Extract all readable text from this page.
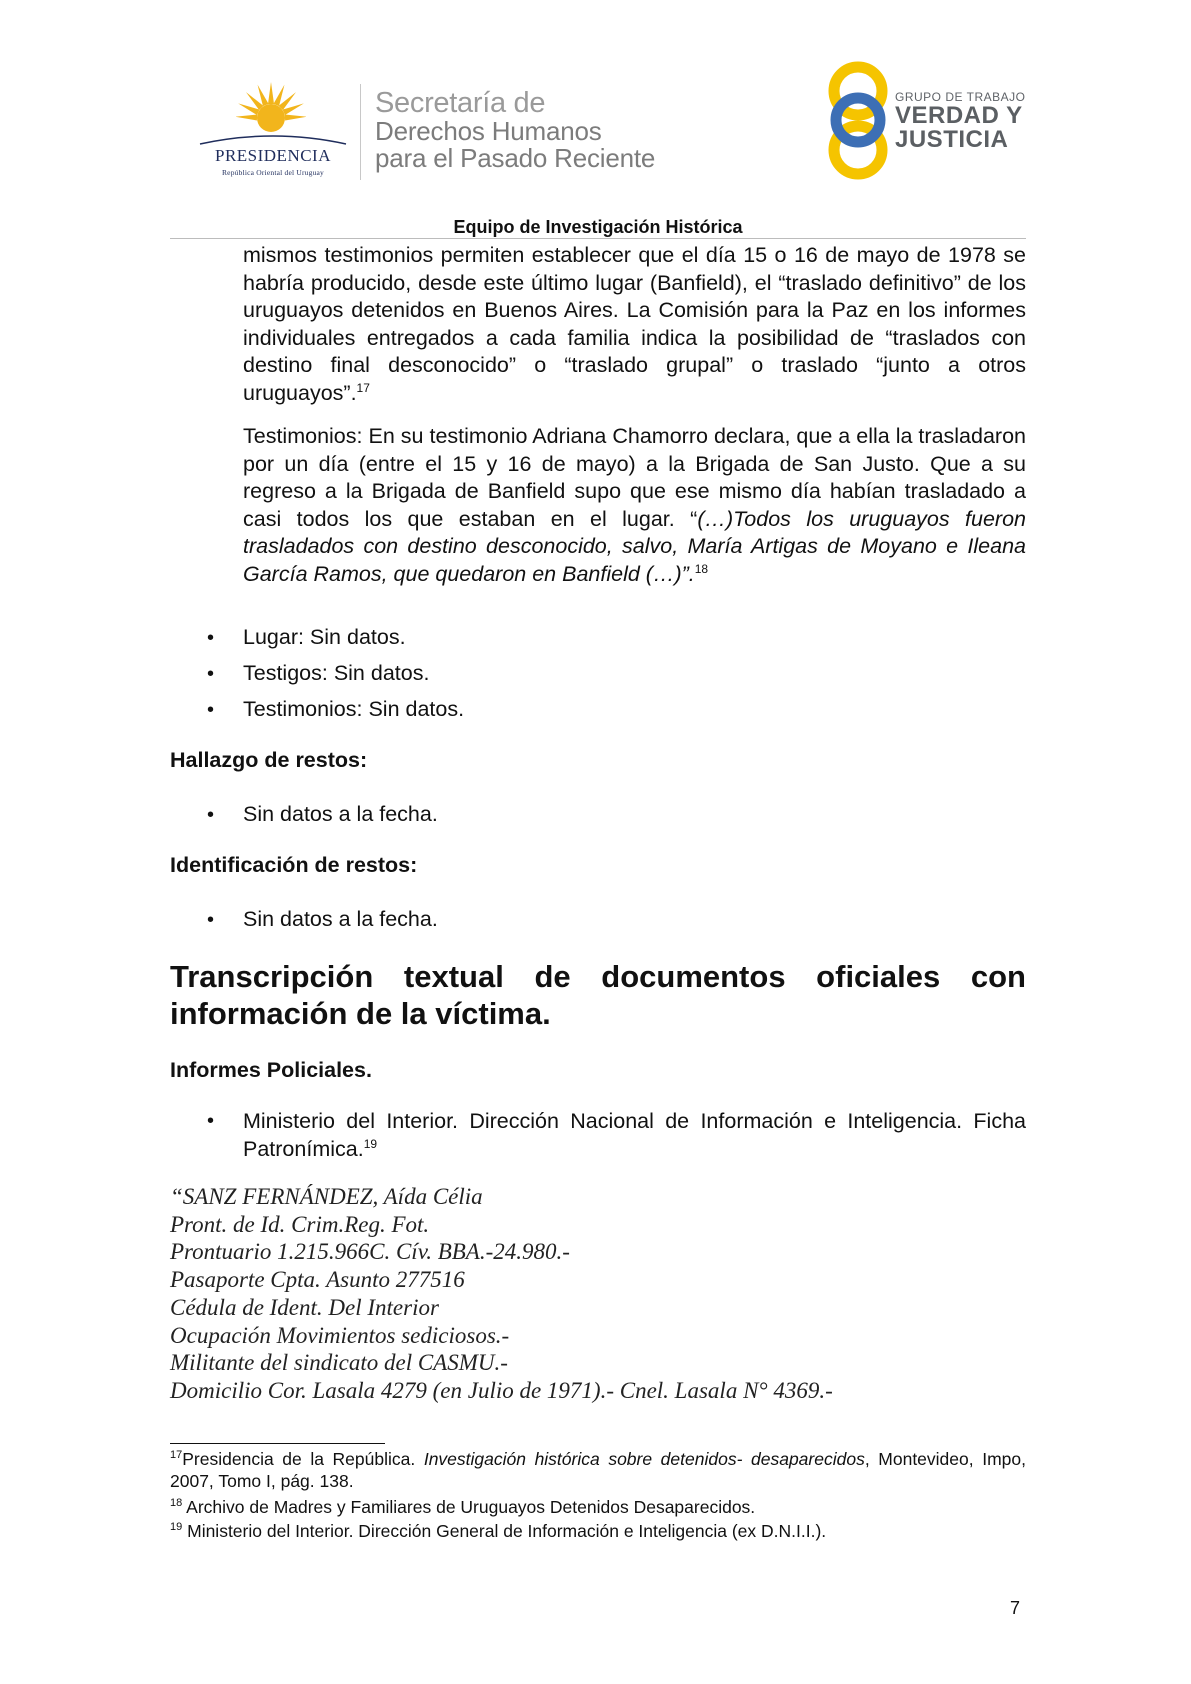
PRESIDENCIA
República Oriental del Uruguay
Secretaría de
Derechos Humanos
para el Pasado Reciente
GRUPO DE TRABAJO
VERDAD Y
JUSTICIA
Equipo de Investigación Histórica
mismos testimonios permiten establecer que el día 15 o 16 de mayo de 1978 se habría producido, desde este último lugar (Banfield), el “traslado definitivo” de los uruguayos detenidos en Buenos Aires. La Comisión para la Paz en los informes individuales entregados a cada familia indica la posibilidad de “traslados con destino final desconocido” o “traslado grupal” o traslado “junto a otros uruguayos”.$^{17}$
Testimonios: En su testimonio Adriana Chamorro declara, que a ella la trasladaron por un día (entre el 15 y 16 de mayo) a la Brigada de San Justo. Que a su regreso a la Brigada de Banfield supo que ese mismo día habían trasladado a casi todos los que estaban en el lugar. “(…)Todos los uruguayos fueron trasladados con destino desconocido, salvo, María Artigas de Moyano e Ileana García Ramos, que quedaron en Banfield (…)”.$^{18}$
• Lugar: Sin datos.
• Testigos: Sin datos.
• Testimonios: Sin datos.
Hallazgo de restos:
• Sin datos a la fecha.
Identificación de restos:
• Sin datos a la fecha.
Transcripción textual de documentos oficiales con información de la víctima.
Informes Policiales.
•	Ministerio del Interior. Dirección Nacional de Información e Inteligencia. Ficha Patronímica.$^{19}$
“SANZ FERNÁNDEZ, Aída Célia
Pront. de Id. Crim.Reg. Fot.
Prontuario 1.215.966C. Cív. BBA.-24.980.-
Pasaporte Cpta. Asunto 277516
Cédula de Ident. Del Interior
Ocupación Movimientos sediciosos.-
Militante del sindicato del CASMU.-
Domicilio Cor. Lasala 4279 (en Julio de 1971).- Cnel. Lasala N° 4369.-
$^{17}$Presidencia de la República. Investigación histórica sobre detenidos- desaparecidos, Montevideo, Impo, 2007, Tomo I, pág. 138.
$^{18}$ Archivo de Madres y Familiares de Uruguayos Detenidos Desaparecidos.
$^{19}$ Ministerio del Interior. Dirección General de Información e Inteligencia (ex D.N.I.I.).
7
